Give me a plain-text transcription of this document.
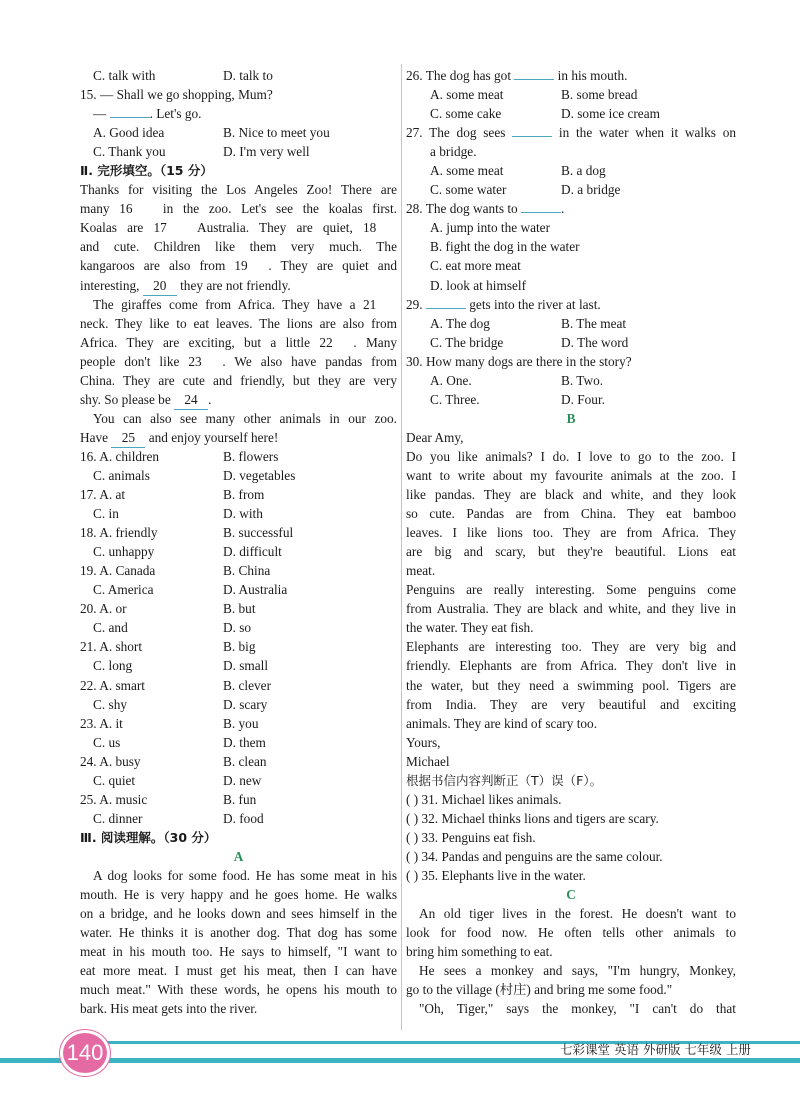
C. talk with	D. talk to
15. — Shall we go shopping, Mum?
—	. Let's go.
A. Good idea	B. Nice to meet you
C. Thank you	D. I'm very well
Ⅱ. 完形填空。（15 分）
Thanks for visiting the Los Angeles Zoo! There are
many 16 in the zoo. Let's see the koalas first.
Koalas are 17 Australia. They are quiet, 18
and cute. Children like them very much. The
kangaroos are also from 19 . They are quiet and
interesting, 20 they are not friendly.
The giraffes come from Africa. They have a 21
neck. They like to eat leaves. The lions are also from
Africa. They are exciting, but a little 22 . Many
people don't like 23 . We also have pandas from
China. They are cute and friendly, but they are very
shy. So please be 24 .
You can also see many other animals in our zoo.
Have 25 and enjoy yourself here!
16. A. children	B. flowers
C. animals	D. vegetables
17. A. at	B. from
C. in	D. with
18. A. friendly	B. successful
C. unhappy	D. difficult
19. A. Canada	B. China
C. America	D. Australia
20. A. or	B. but
C. and	D. so
21. A. short	B. big
C. long	D. small
22. A. smart	B. clever
C. shy	D. scary
23. A. it	B. you
C. us	D. them
24. A. busy	B. clean
C. quiet	D. new
25. A. music	B. fun
C. dinner	D. food
Ⅲ. 阅读理解。（30 分）
A
A dog looks for some food. He has some meat in his
mouth. He is very happy and he goes home. He walks
on a bridge, and he looks down and sees himself in the
water. He thinks it is another dog. That dog has some
meat in his mouth too. He says to himself, "I want to
eat more meat. I must get his meat, then I can have
much meat." With these words, he opens his mouth to
bark. His meat gets into the river.
26. The dog has got	in his mouth.
A. some meat	B. some bread
C. some cake	D. some ice cream
27. The dog sees	in the water when it walks on
a bridge.
A. some meat	B. a dog
C. some water	D. a bridge
28. The dog wants to	.
A. jump into the water
B. fight the dog in the water
C. eat more meat
D. look at himself
29.	gets into the river at last.
A. The dog	B. The meat
C. The bridge	D. The word
30. How many dogs are there in the story?
A. One.	B. Two.
C. Three.	D. Four.
B
Dear Amy,
Do you like animals? I do. I love to go to the zoo. I
want to write about my favourite animals at the zoo. I
like pandas. They are black and white, and they look
so cute. Pandas are from China. They eat bamboo
leaves. I like lions too. They are from Africa. They
are big and scary, but they're beautiful. Lions eat
meat.
Penguins are really interesting. Some penguins come
from Australia. They are black and white, and they live in
the water. They eat fish.
Elephants are interesting too. They are very big and
friendly. Elephants are from Africa. They don't live in
the water, but they need a swimming pool. Tigers are
from India. They are very beautiful and exciting
animals. They are kind of scary too.
Yours,
Michael
根据书信内容判断正（T）误（F）。
( ) 31. Michael likes animals.
( ) 32. Michael thinks lions and tigers are scary.
( ) 33. Penguins eat fish.
( ) 34. Pandas and penguins are the same colour.
( ) 35. Elephants live in the water.
C
An old tiger lives in the forest. He doesn't want to
look for food now. He often tells other animals to
bring him something to eat.
He sees a monkey and says, "I'm hungry, Monkey,
go to the village (村庄) and bring me some food."
"Oh, Tiger," says the monkey, "I can't do that
140	七彩课堂 英语 外研版 七年级 上册
